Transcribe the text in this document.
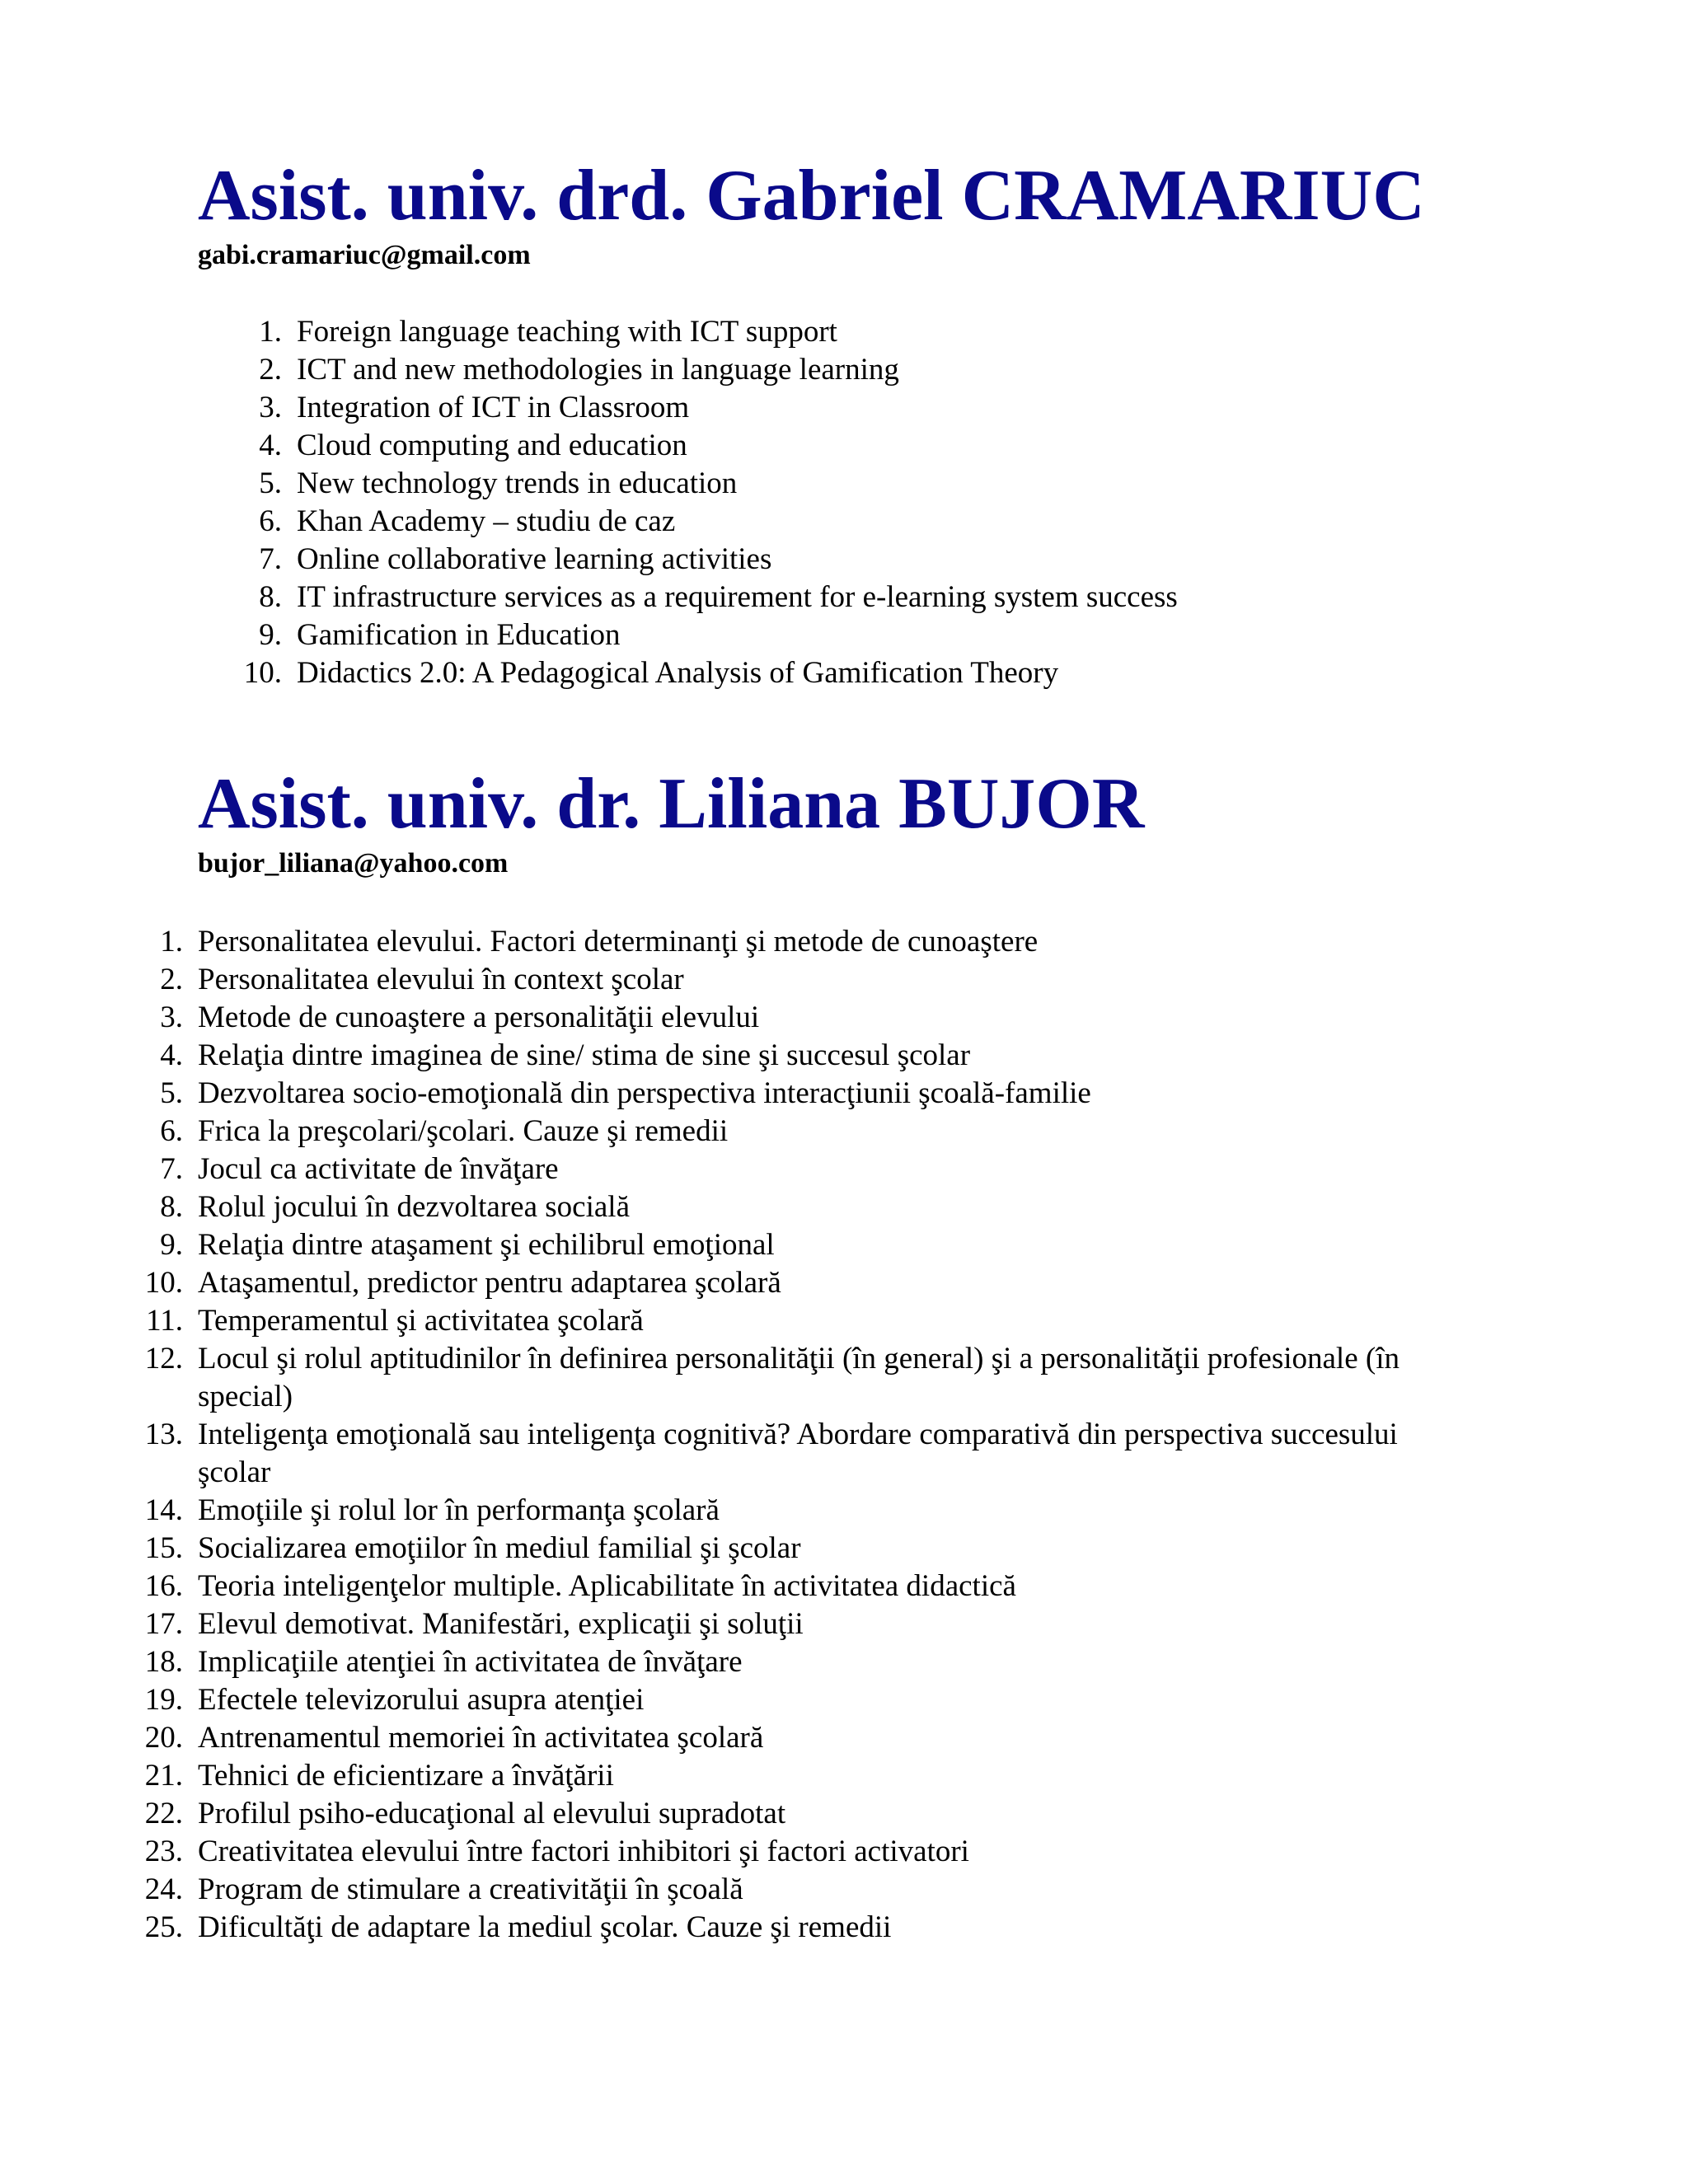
Asist. univ. drd. Gabriel CRAMARIUC
gabi.cramariuc@gmail.com
1. Foreign language teaching with ICT support
2. ICT and new methodologies in language learning
3. Integration of ICT in Classroom
4. Cloud computing and education
5. New technology trends in education
6. Khan Academy – studiu de caz
7. Online collaborative learning activities
8. IT infrastructure services as a requirement for e-learning system success
9. Gamification in Education
10. Didactics 2.0: A Pedagogical Analysis of Gamification Theory
Asist. univ. dr. Liliana BUJOR
bujor_liliana@yahoo.com
1. Personalitatea elevului. Factori determinanţi şi metode de cunoaştere
2. Personalitatea elevului în context şcolar
3. Metode de cunoaştere a personalităţii elevului
4. Relaţia dintre imaginea de sine/ stima de sine şi succesul şcolar
5. Dezvoltarea socio-emoţională din perspectiva interacţiunii şcoală-familie
6. Frica la preşcolari/şcolari. Cauze şi remedii
7. Jocul ca activitate de învăţare
8. Rolul jocului în dezvoltarea socială
9. Relaţia dintre ataşament şi echilibrul emoţional
10. Ataşamentul, predictor pentru adaptarea şcolară
11. Temperamentul şi activitatea şcolară
12. Locul şi rolul aptitudinilor în definirea personalităţii (în general) şi a personalităţii profesionale (în special)
13. Inteligenţa emoţională sau inteligenţa cognitivă? Abordare comparativă din perspectiva succesului şcolar
14. Emoţiile şi rolul lor în performanţa şcolară
15. Socializarea emoţiilor în mediul familial şi şcolar
16. Teoria inteligenţelor multiple. Aplicabilitate în activitatea didactică
17. Elevul demotivat. Manifestări, explicaţii şi soluţii
18. Implicaţiile atenţiei în activitatea de învăţare
19. Efectele televizorului asupra atenţiei
20. Antrenamentul memoriei în activitatea şcolară
21. Tehnici de eficientizare a învăţării
22. Profilul psiho-educaţional al elevului supradotat
23. Creativitatea elevului între factori inhibitori şi factori activatori
24. Program de stimulare a creativităţii în şcoală
25. Dificultăţi de adaptare la mediul şcolar. Cauze şi remedii
